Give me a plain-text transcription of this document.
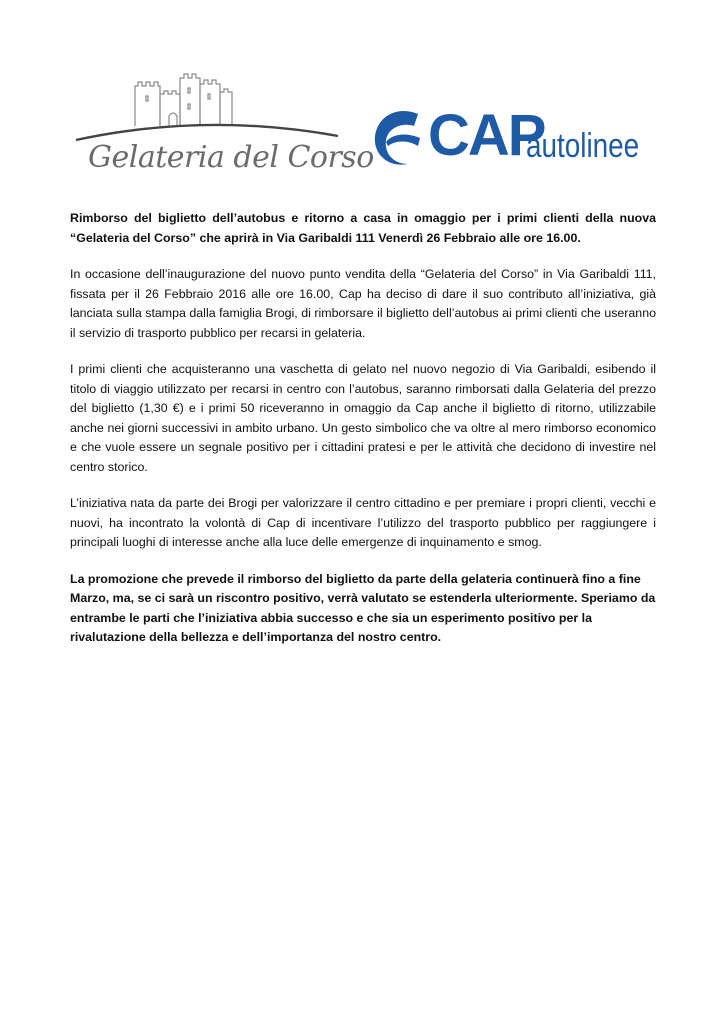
Gelateria del Corso CAP
autolinee

Rimborso del biglietto dell’autobus e ritorno a casa in omaggio per i primi clienti della nuova “Gelateria del Corso” che aprirà in Via Garibaldi 111 Venerdì 26 Febbraio alle ore 16.00.

In occasione dell’inaugurazione del nuovo punto vendita della “Gelateria del Corso” in Via Garibaldi 111, fissata per il 26 Febbraio 2016 alle ore 16.00, Cap ha deciso di dare il suo contributo all’iniziativa, già lanciata sulla stampa dalla famiglia Brogi, di rimborsare il biglietto dell’autobus ai primi clienti che useranno il servizio di trasporto pubblico per recarsi in gelateria.

I primi clienti che acquisteranno una vaschetta di gelato nel nuovo negozio di Via Garibaldi, esibendo il titolo di viaggio utilizzato per recarsi in centro con l’autobus, saranno rimborsati dalla Gelateria del prezzo del biglietto (1,30 €) e i primi 50 riceveranno in omaggio da Cap anche il biglietto di ritorno, utilizzabile anche nei giorni successivi in ambito urbano. Un gesto simbolico che va oltre al mero rimborso economico e che vuole essere un segnale positivo per i cittadini pratesi e per le attività che decidono di investire nel centro storico.

L’iniziativa nata da parte dei Brogi per valorizzare il centro cittadino e per premiare i propri clienti, vecchi e nuovi, ha incontrato la volontà di Cap di incentivare l’utilizzo del trasporto pubblico per raggiungere i principali luoghi di interesse anche alla luce delle emergenze di inquinamento e smog.

La promozione che prevede il rimborso del biglietto da parte della gelateria continuerà fino a fine Marzo, ma, se ci sarà un riscontro positivo, verrà valutato se estenderla ulteriormente. Speriamo da entrambe le parti che l’iniziativa abbia successo e che sia un esperimento positivo per la rivalutazione della bellezza e dell’importanza del nostro centro.
